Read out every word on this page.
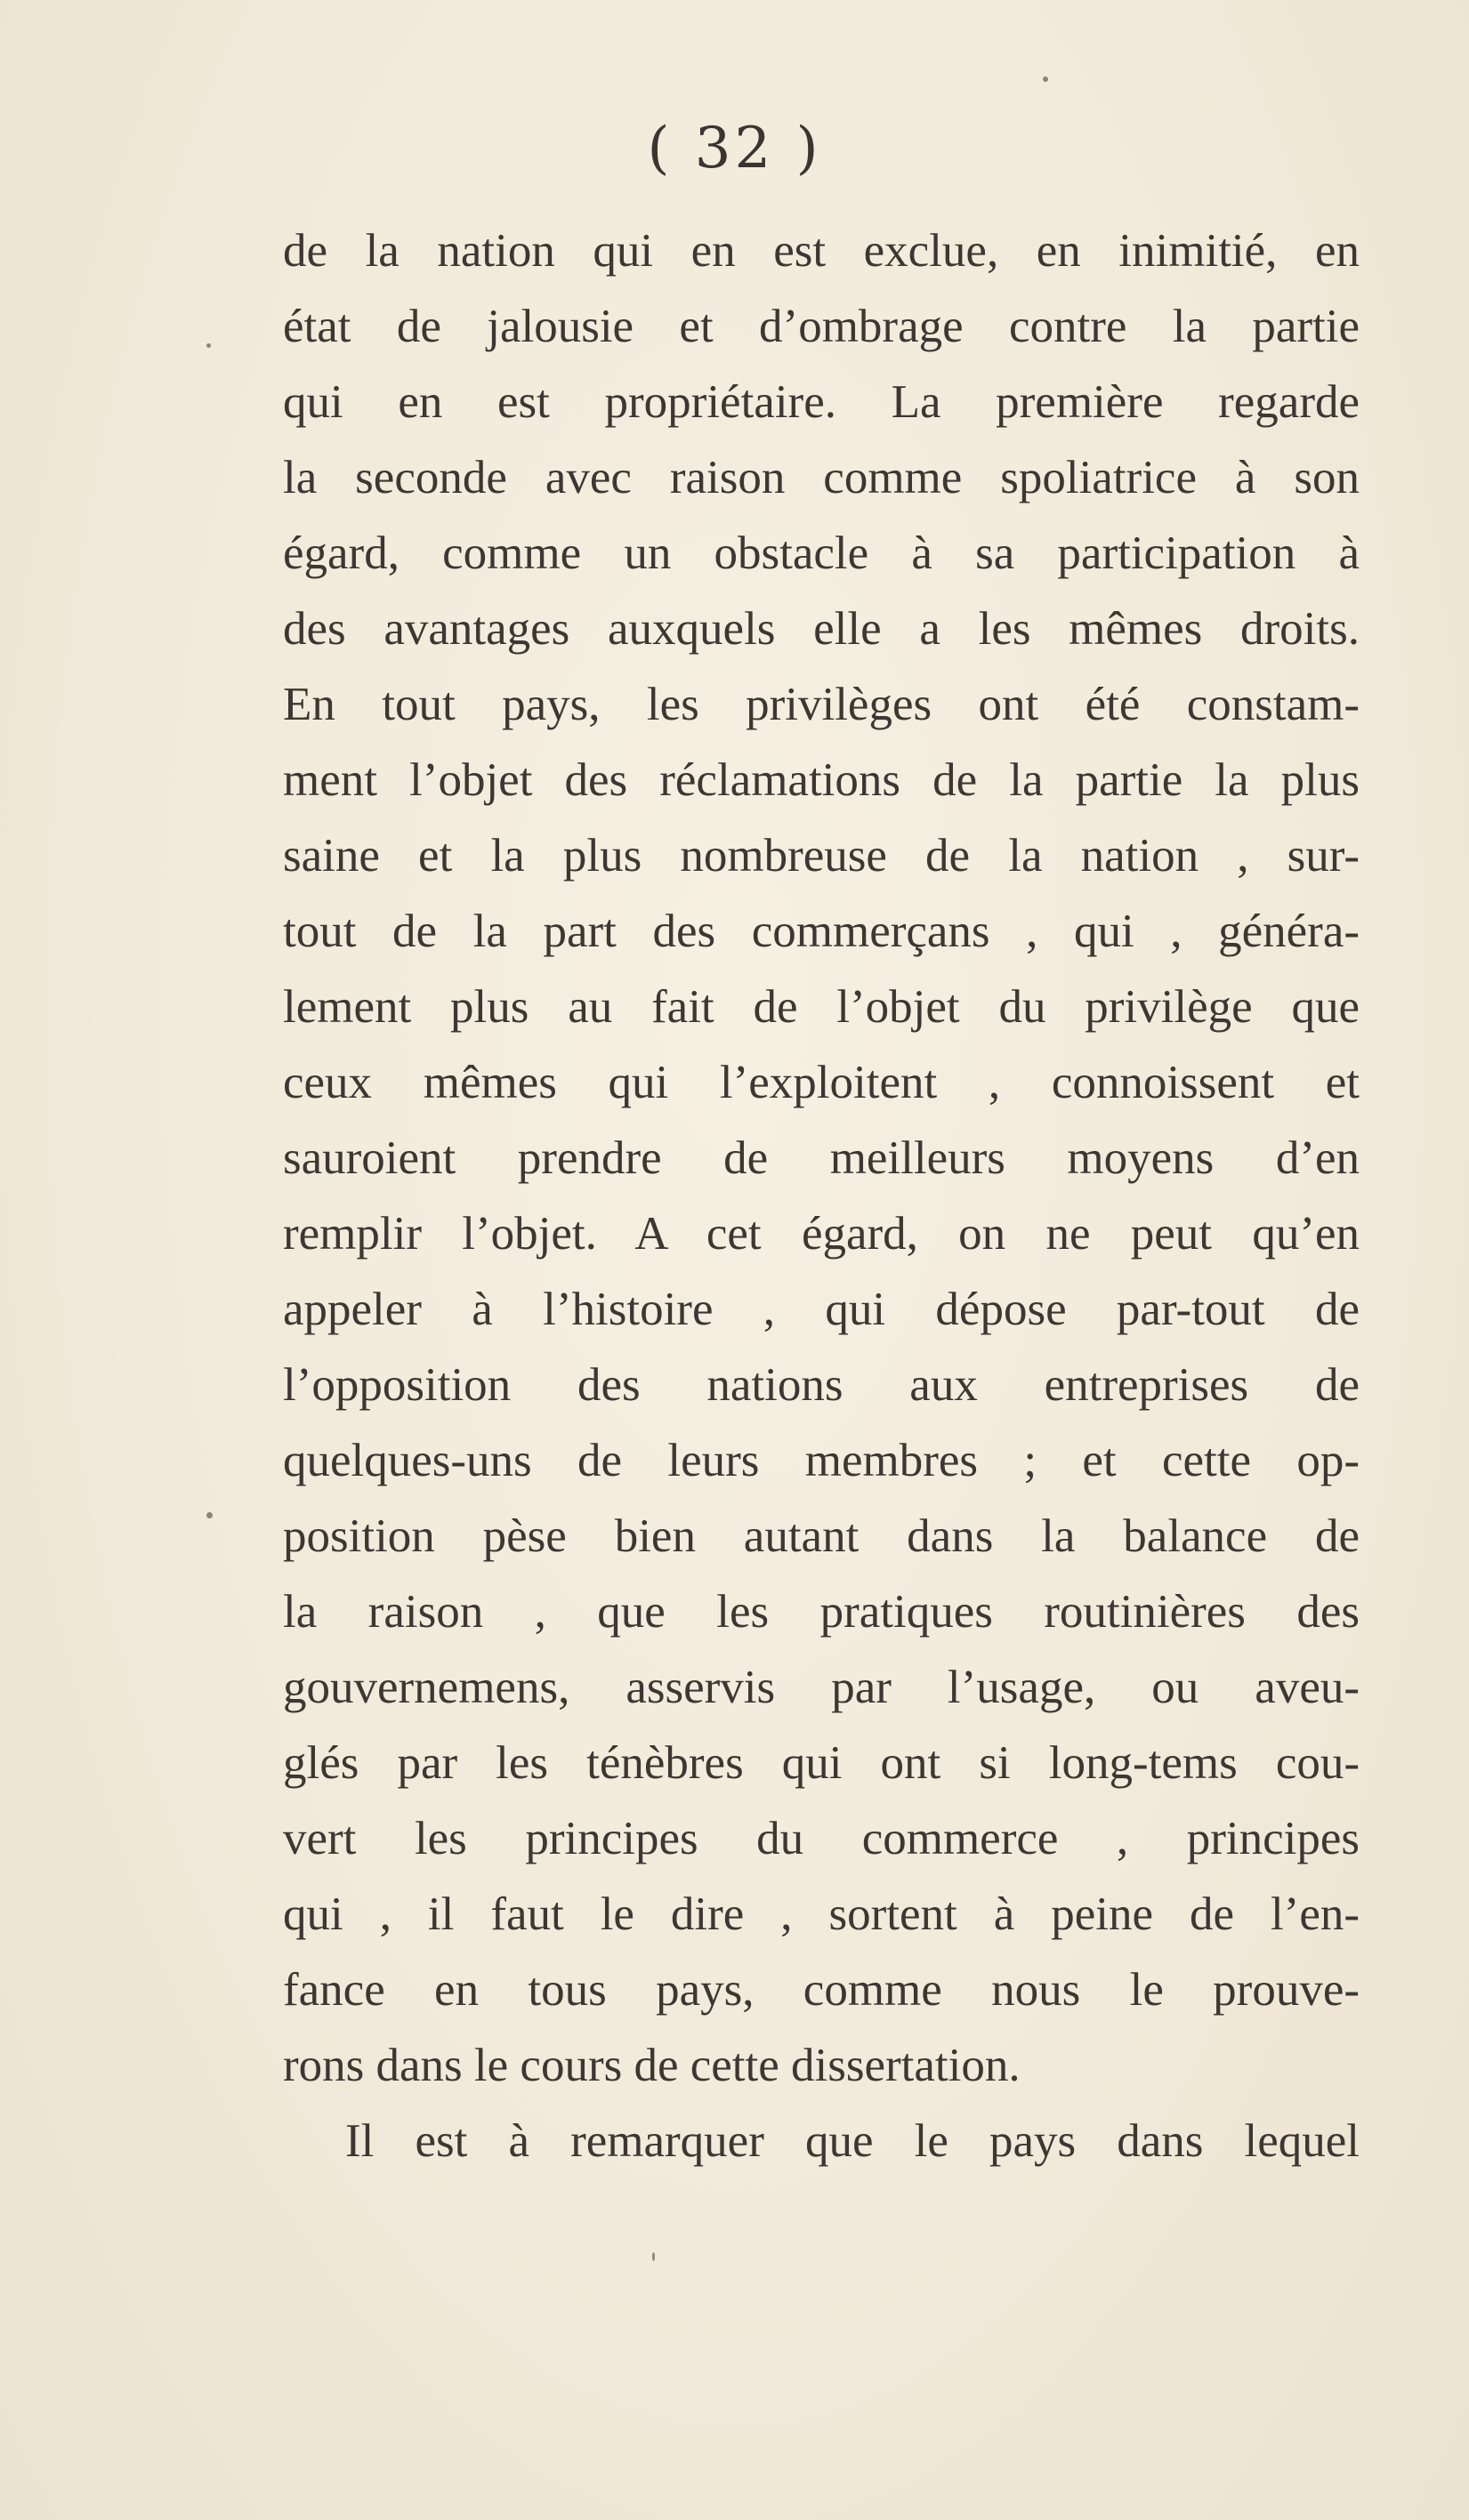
( 32 )
de la nation qui en est exclue, en inimitié, en
état de jalousie et d’ombrage contre la partie
qui en est propriétaire. La première regarde
la seconde avec raison comme spoliatrice à son
égard, comme un obstacle à sa participation à
des avantages auxquels elle a les mêmes droits.
En tout pays, les privilèges ont été constam-
ment l’objet des réclamations de la partie la plus
saine et la plus nombreuse de la nation , sur-
tout de la part des commerçans , qui , généra-
lement plus au fait de l’objet du privilège que
ceux mêmes qui l’exploitent , connoissent et
sauroient prendre de meilleurs moyens d’en
remplir l’objet. A cet égard, on ne peut qu’en
appeler à l’histoire , qui dépose par-tout de
l’opposition des nations aux entreprises de
quelques-uns de leurs membres ; et cette op-
position pèse bien autant dans la balance de
la raison , que les pratiques routinières des
gouvernemens, asservis par l’usage, ou aveu-
glés par les ténèbres qui ont si long-tems cou-
vert les principes du commerce , principes
qui , il faut le dire , sortent à peine de l’en-
fance en tous pays, comme nous le prouve-
rons dans le cours de cette dissertation.
Il est à remarquer que le pays dans lequel
